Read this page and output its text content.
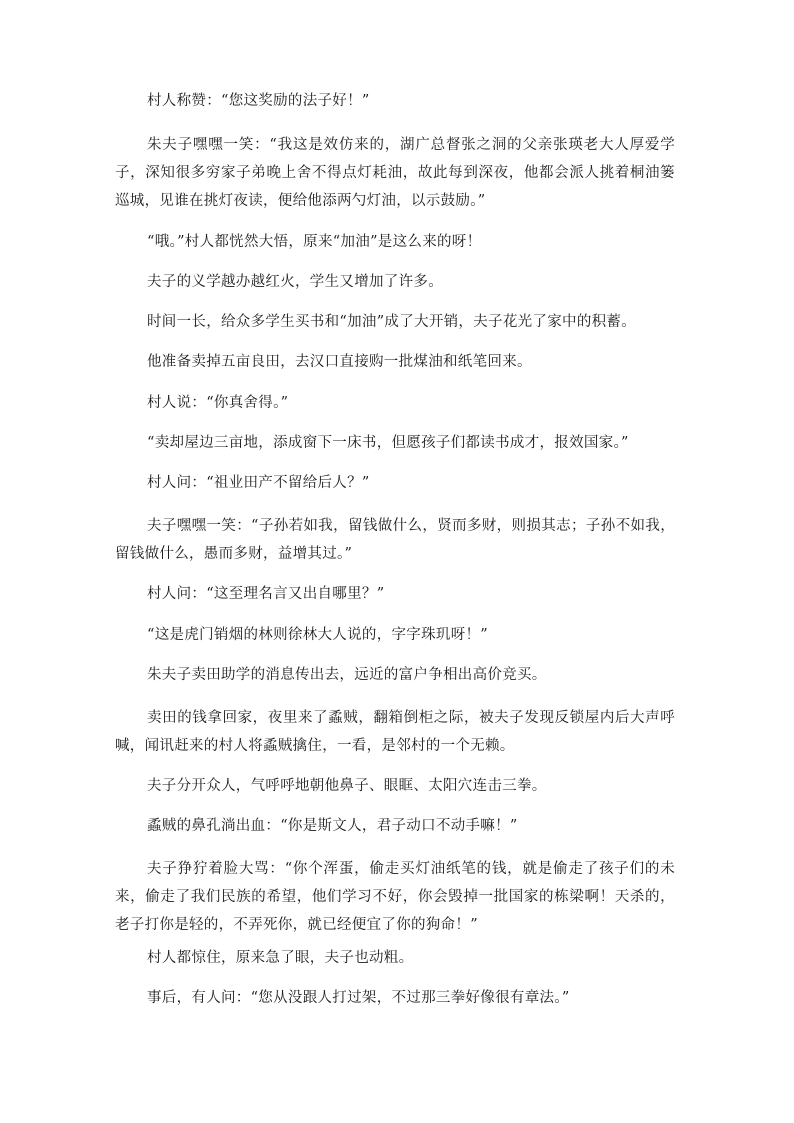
村人称赞：“您这奖励的法子好！”

朱夫子嘿嘿一笑：“我这是效仿来的，湖广总督张之洞的父亲张瑛老大人厚爱学子，深知很多穷家子弟晚上舍不得点灯耗油，故此每到深夜，他都会派人挑着桐油篓巡城，见谁在挑灯夜读，便给他添两勺灯油，以示鼓励。”

“哦。”村人都恍然大悟，原来“加油”是这么来的呀！

夫子的义学越办越红火，学生又增加了许多。

时间一长，给众多学生买书和“加油”成了大开销，夫子花光了家中的积蓄。

他准备卖掉五亩良田，去汉口直接购一批煤油和纸笔回来。

村人说：“你真舍得。”

“卖却屋边三亩地，添成窗下一床书，但愿孩子们都读书成才，报效国家。”

村人问：“祖业田产不留给后人？”

夫子嘿嘿一笑：“子孙若如我，留钱做什么，贤而多财，则损其志；子孙不如我，留钱做什么，愚而多财，益增其过。”

村人问：“这至理名言又出自哪里？”

“这是虎门销烟的林则徐林大人说的，字字珠玑呀！”

朱夫子卖田助学的消息传出去，远近的富户争相出高价竞买。

卖田的钱拿回家，夜里来了蟊贼，翻箱倒柜之际，被夫子发现反锁屋内后大声呼喊，闻讯赶来的村人将蟊贼擒住，一看，是邻村的一个无赖。

夫子分开众人，气呼呼地朝他鼻子、眼眶、太阳穴连击三拳。

蟊贼的鼻孔淌出血：“你是斯文人，君子动口不动手嘛！”

夫子狰狞着脸大骂：“你个浑蛋，偷走买灯油纸笔的钱，就是偷走了孩子们的未来，偷走了我们民族的希望，他们学习不好，你会毁掉一批国家的栋梁啊！天杀的，老子打你是轻的，不弄死你，就已经便宜了你的狗命！”

村人都惊住，原来急了眼，夫子也动粗。

事后，有人问：“您从没跟人打过架，不过那三拳好像很有章法。”
